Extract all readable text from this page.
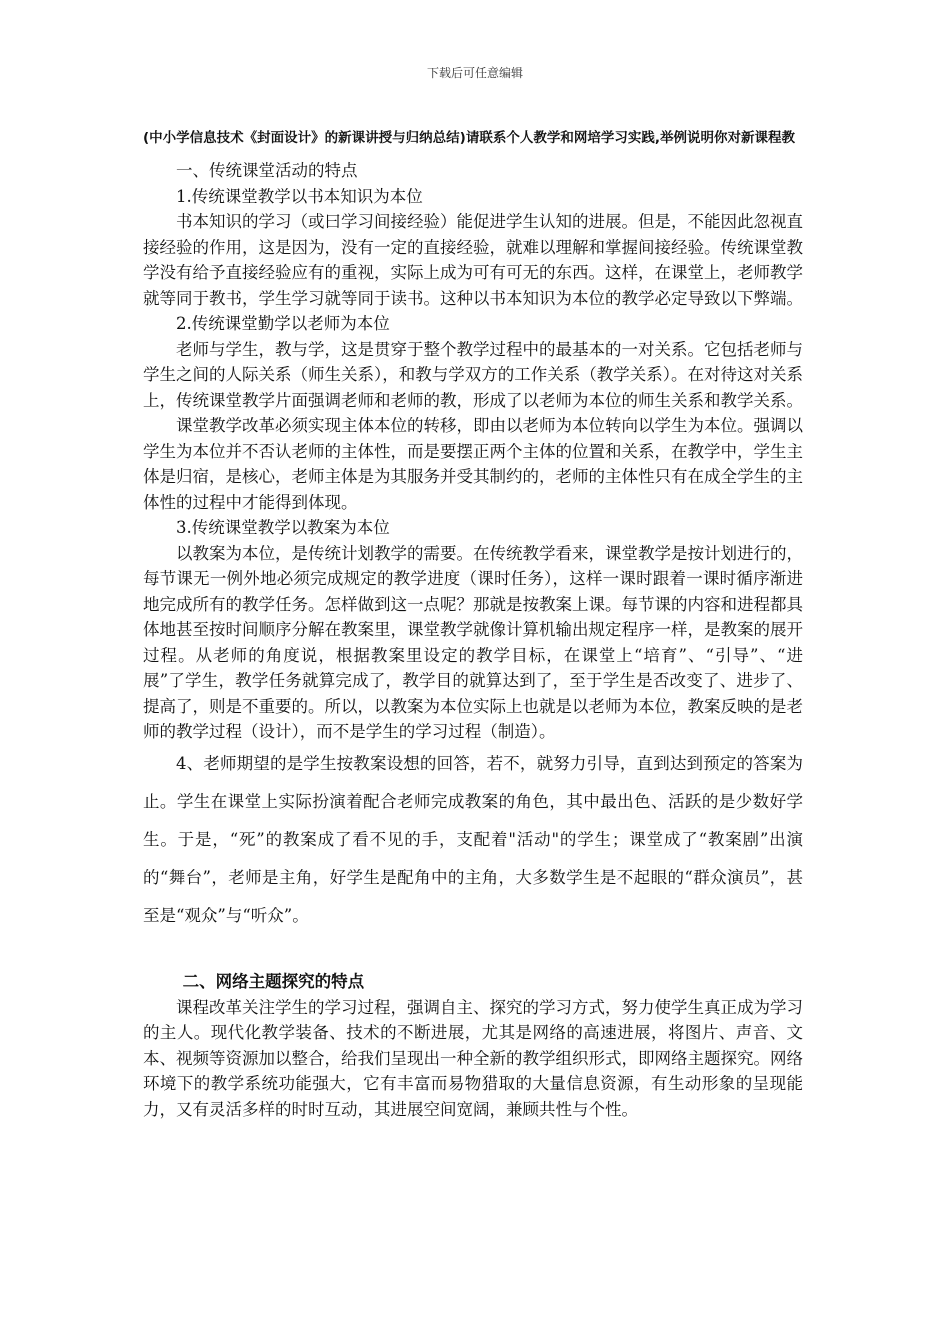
下载后可任意编辑
(中小学信息技术《封面设计》的新课讲授与归纳总结)请联系个人教学和网培学习实践,举例说明你对新课程教

一、传统课堂活动的特点

1.传统课堂教学以书本知识为本位

书本知识的学习（或曰学习间接经验）能促进学生认知的进展。但是，不能因此忽视直接经验的作用，这是因为，没有一定的直接经验，就难以理解和掌握间接经验。传统课堂教学没有给予直接经验应有的重视，实际上成为可有可无的东西。这样，在课堂上，老师教学就等同于教书，学生学习就等同于读书。这种以书本知识为本位的教学必定导致以下弊端。

2.传统课堂勤学以老师为本位

老师与学生，教与学，这是贯穿于整个教学过程中的最基本的一对关系。它包括老师与学生之间的人际关系（师生关系），和教与学双方的工作关系（教学关系）。在对待这对关系上，传统课堂教学片面强调老师和老师的教，形成了以老师为本位的师生关系和教学关系。

课堂教学改革必须实现主体本位的转移，即由以老师为本位转向以学生为本位。强调以学生为本位并不否认老师的主体性，而是要摆正两个主体的位置和关系，在教学中，学生主体是归宿，是核心，老师主体是为其服务并受其制约的，老师的主体性只有在成全学生的主体性的过程中才能得到体现。

3.传统课堂教学以教案为本位

以教案为本位，是传统计划教学的需要。在传统教学看来，课堂教学是按计划进行的，每节课无一例外地必须完成规定的教学进度（课时任务），这样一课时跟着一课时循序渐进地完成所有的教学任务。怎样做到这一点呢？那就是按教案上课。每节课的内容和进程都具体地甚至按时间顺序分解在教案里，课堂教学就像计算机输出规定程序一样，是教案的展开过程。从老师的角度说，根据教案里设定的教学目标，在课堂上“培育”、“引导”、“进展”了学生，教学任务就算完成了，教学目的就算达到了，至于学生是否改变了、进步了、提高了，则是不重要的。所以，以教案为本位实际上也就是以老师为本位，教案反映的是老师的教学过程（设计），而不是学生的学习过程（制造）。

4、老师期望的是学生按教案设想的回答，若不，就努力引导，直到达到预定的答案为止。学生在课堂上实际扮演着配合老师完成教案的角色，其中最出色、活跃的是少数好学生。于是，“死”的教案成了看不见的手，支配着"活动"的学生；课堂成了“教案剧”出演的“舞台”，老师是主角，好学生是配角中的主角，大多数学生是不起眼的“群众演员”，甚至是“观众”与“听众”。

二、网络主题探究的特点

课程改革关注学生的学习过程，强调自主、探究的学习方式，努力使学生真正成为学习的主人。现代化教学装备、技术的不断进展，尤其是网络的高速进展，将图片、声音、文本、视频等资源加以整合，给我们呈现出一种全新的教学组织形式，即网络主题探究。网络环境下的教学系统功能强大，它有丰富而易物猎取的大量信息资源，有生动形象的呈现能力，又有灵活多样的时时互动，其进展空间宽阔，兼顾共性与个性。
